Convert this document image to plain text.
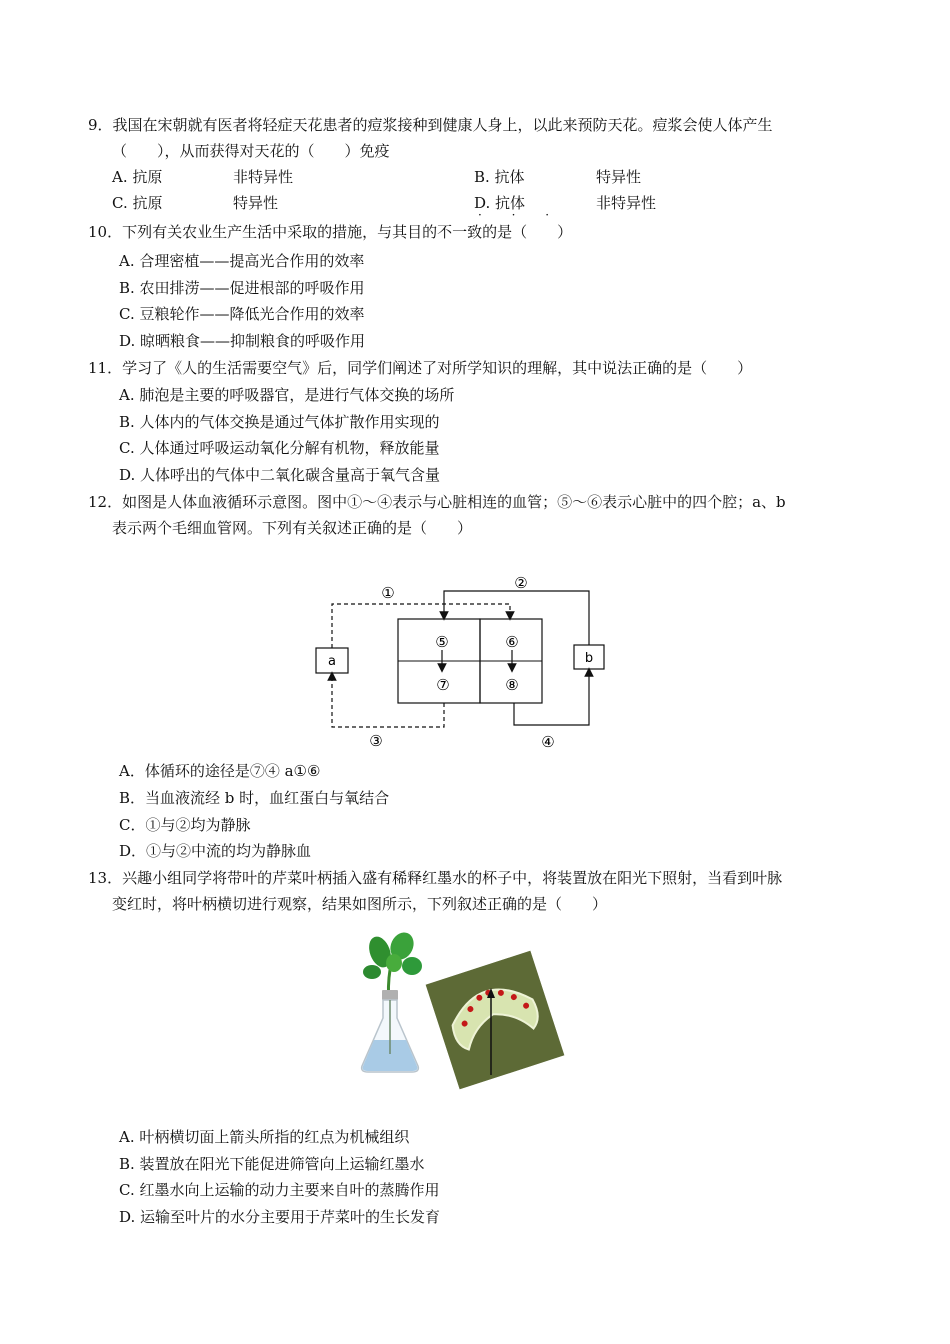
9．我国在宋朝就有医者将轻症天花患者的痘浆接种到健康人身上，以此来预防天花。痘浆会使人体产生
（　　），从而获得对天花的（　　）免疫
A. 抗原	非特异性	B. 抗体	特异性
C. 抗原	特异性	D. 抗体	非特异性
· · ·
10．下列有关农业生产生活中采取的措施，与其目的不一致的是（　　）
A. 合理密植——提高光合作用的效率
B. 农田排涝——促进根部的呼吸作用
C. 豆粮轮作——降低光合作用的效率
D. 晾晒粮食——抑制粮食的呼吸作用
11．学习了《人的生活需要空气》后，同学们阐述了对所学知识的理解，其中说法正确的是（　　）
A. 肺泡是主要的呼吸器官，是进行气体交换的场所
B. 人体内的气体交换是通过气体扩散作用实现的
C. 人体通过呼吸运动氧化分解有机物，释放能量
D. 人体呼出的气体中二氧化碳含量高于氧气含量
12．如图是人体血液循环示意图。图中①～④表示与心脏相连的血管；⑤～⑥表示心脏中的四个腔；a、b
表示两个毛细血管网。下列有关叙述正确的是（　　）
a	b
①
②
③	④
⑤	⑥
⑦	⑧
A．体循环的途径是⑦④ a①⑥
B．当血液流经 b 时，血红蛋白与氧结合
C．①与②均为静脉
D．①与②中流的均为静脉血
13．兴趣小组同学将带叶的芹菜叶柄插入盛有稀释红墨水的杯子中，将装置放在阳光下照射，当看到叶脉
变红时，将叶柄横切进行观察，结果如图所示，下列叙述正确的是（　　）
A. 叶柄横切面上箭头所指的红点为机械组织
B. 装置放在阳光下能促进筛管向上运输红墨水
C. 红墨水向上运输的动力主要来自叶的蒸腾作用
D. 运输至叶片的水分主要用于芹菜叶的生长发育
